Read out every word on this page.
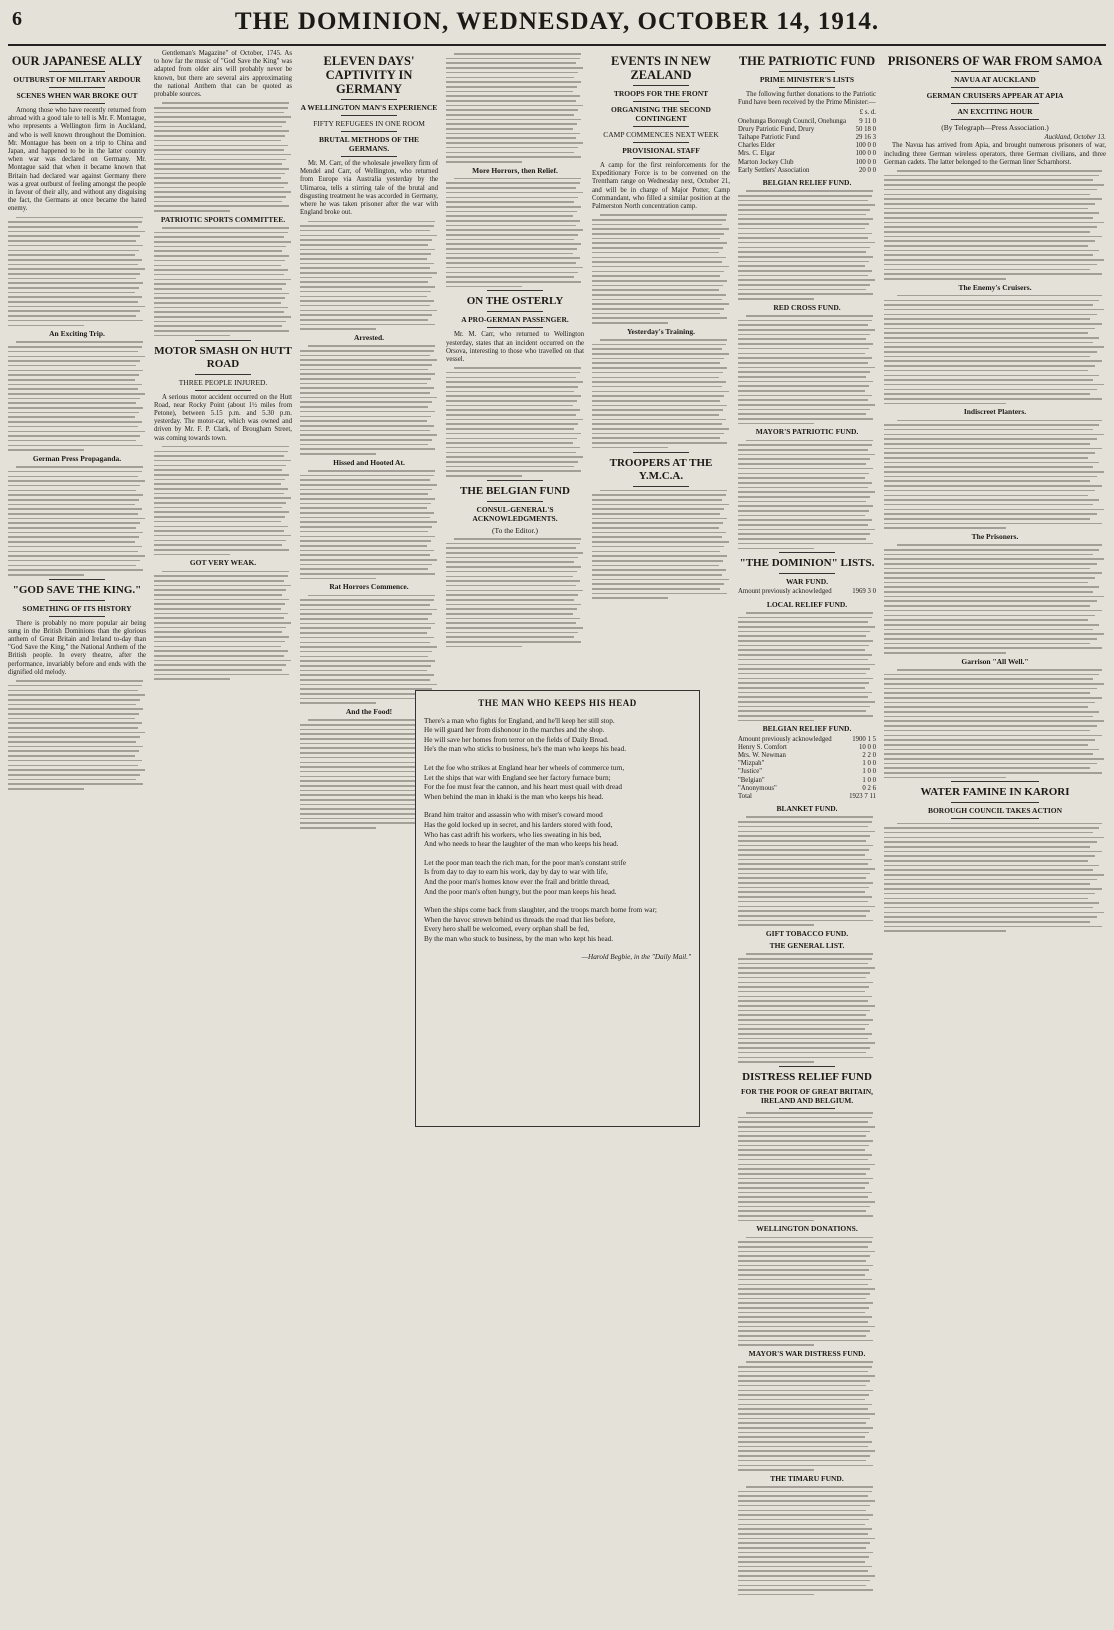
6	THE DOMINION, WEDNESDAY, OCTOBER 14, 1914.
OUR JAPANESE ALLY
OUTBURST OF MILITARY ARDOUR
SCENES WHEN WAR BROKE OUT

Among those who have recently returned from abroad with a good tale to tell is Mr. F. Montague, who represents a Wellington firm in Auckland, and who is well known throughout the Dominion. Mr. Montague has been on a trip to China and Japan, and happened to be in the latter country when war was declared on Germany. Mr. Montague said that when it became known that Britain had declared war against Germany there was a great outburst of feeling amongst the people in favour of their ally, and without any disguising the fact, the Germans at once became the hated enemy.

An Exciting Trip.

German Press Propaganda.

"GOD SAVE THE KING."
SOMETHING OF ITS HISTORY

There is probably no more popular air being sung in the British Dominions than the glorious anthem of Great Britain and Ireland to-day than "God Save the King," the National Anthem of the British people. In every theatre, after the performance, invariably before and ends with the dignified old melody.

Gentleman's Magazine" of October, 1745. As to how far the music of "God Save the King" was adapted from older airs will probably never be known, but there are several airs approximating the national Anthem that can be quoted as probable sources.

PATRIOTIC SPORTS COMMITTEE.

MOTOR SMASH ON HUTT ROAD
THREE PEOPLE INJURED.

A serious motor accident occurred on the Hutt Road, near Rocky Point (about 1½ miles from Petone), between 5.15 p.m. and 5.30 p.m. yesterday. The motor-car, which was owned and driven by Mr. F. P. Clark, of Brougham Street, was coming towards town.

GOT VERY WEAK.

ELEVEN DAYS' CAPTIVITY IN GERMANY
A WELLINGTON MAN'S EXPERIENCE
FIFTY REFUGEES IN ONE ROOM
BRUTAL METHODS OF THE GERMANS.

Mr. M. Carr, of the wholesale jewellery firm of Mendel and Carr, of Wellington, who returned from Europe via Australia yesterday by the Ulimaroa, tells a stirring tale of the brutal and disgusting treatment he was accorded in Germany, where he was taken prisoner after the war with England broke out.

Arrested.

Hissed and Hooted At.

Rat Horrors Commence.

And the Food!

More Horrors, then Relief.

ON THE OSTERLY
A PRO-GERMAN PASSENGER.

Mr. M. Carr, who returned to Wellington yesterday, states that an incident occurred on the Orsova, interesting to those who travelled on that vessel.

THE BELGIAN FUND
CONSUL-GENERAL'S ACKNOWLEDGMENTS.
(To the Editor.)

EVENTS IN NEW ZEALAND
TROOPS FOR THE FRONT
ORGANISING THE SECOND CONTINGENT
CAMP COMMENCES NEXT WEEK
PROVISIONAL STAFF

A camp for the first reinforcements for the Expeditionary Force is to be convened on the Trentham range on Wednesday next, October 21, and will be in charge of Major Potter, Camp Commandant, who filled a similar position at the Palmerston North concentration camp.

Yesterday's Training.

TROOPERS AT THE Y.M.C.A.

THE PATRIOTIC FUND
PRIME MINISTER'S LISTS

The following further donations to the Patriotic Fund have been received by the Prime Minister:—

£ s. d.
Onehunga Borough Council, Onehunga	9 11 0
Drury Patriotic Fund, Drury	50 18 0
Taihape Patriotic Fund	29 16 3
Charles Elder	100 0 0
Mrs. C. Elgar	100 0 0
Marton Jockey Club	100 0 0
Early Settlers' Association	20 0 0
BELGIAN RELIEF FUND.

RED CROSS FUND.

MAYOR'S PATRIOTIC FUND.

"THE DOMINION" LISTS.
WAR FUND.
Amount previously acknowledged	1969 3 0
LOCAL RELIEF FUND.

BELGIAN RELIEF FUND.
Amount previously acknowledged	1900 1 5
Henry S. Comfort	10 0 0
Mrs. W. Newman	2 2 0
"Mizpah"	1 0 0
"Justice"	1 0 0
"Belgian"	1 0 0
"Anonymous"	0 2 6
Total	1923 7 11
BLANKET FUND.

GIFT TOBACCO FUND.
THE GENERAL LIST.

DISTRESS RELIEF FUND
FOR THE POOR OF GREAT BRITAIN, IRELAND AND BELGIUM.

WELLINGTON DONATIONS.

MAYOR'S WAR DISTRESS FUND.

THE TIMARU FUND.

PRISONERS OF WAR FROM SAMOA
NAVUA AT AUCKLAND
GERMAN CRUISERS APPEAR AT APIA
AN EXCITING HOUR
(By Telegraph—Press Association.)
Auckland, October 13.

The Navua has arrived from Apia, and brought numerous prisoners of war, including three German wireless operators, three German civilians, and three German cadets. The latter belonged to the German liner Scharnhorst.

The Enemy's Cruisers.

Indiscreet Planters.

The Prisoners.

Garrison "All Well."

WATER FAMINE IN KARORI
BOROUGH COUNCIL TAKES ACTION

THE MAN WHO KEEPS HIS HEAD
There's a man who fights for England, and he'll keep her still stop.
He will guard her from dishonour in the marches and the shop.
He will save her homes from terror on the fields of Daily Bread.
He's the man who sticks to business, he's the man who keeps his head.
Let the foe who strikes at England hear her wheels of commerce turn,
Let the ships that war with England see her factory furnace burn;
For the foe must fear the cannon, and his heart must quail with dread
When behind the man in khaki is the man who keeps his head.
Brand him traitor and assassin who with miser's coward mood
Has the gold locked up in secret, and his larders stored with food,
Who has cast adrift his workers, who lies sweating in his bed,
And who needs to hear the laughter of the man who keeps his head.
Let the poor man teach the rich man, for the poor man's constant strife
Is from day to day to earn his work, day by day to war with life,
And the poor man's homes know ever the frail and brittle thread,
And the poor man's often hungry, but the poor man keeps his head.
When the ships come back from slaughter, and the troops march home from war;
When the havoc strewn behind us threads the road that lies before,
Every hero shall be welcomed, every orphan shall be fed,
By the man who stuck to business, by the man who kept his head.
—Harold Begbie, in the "Daily Mail."
